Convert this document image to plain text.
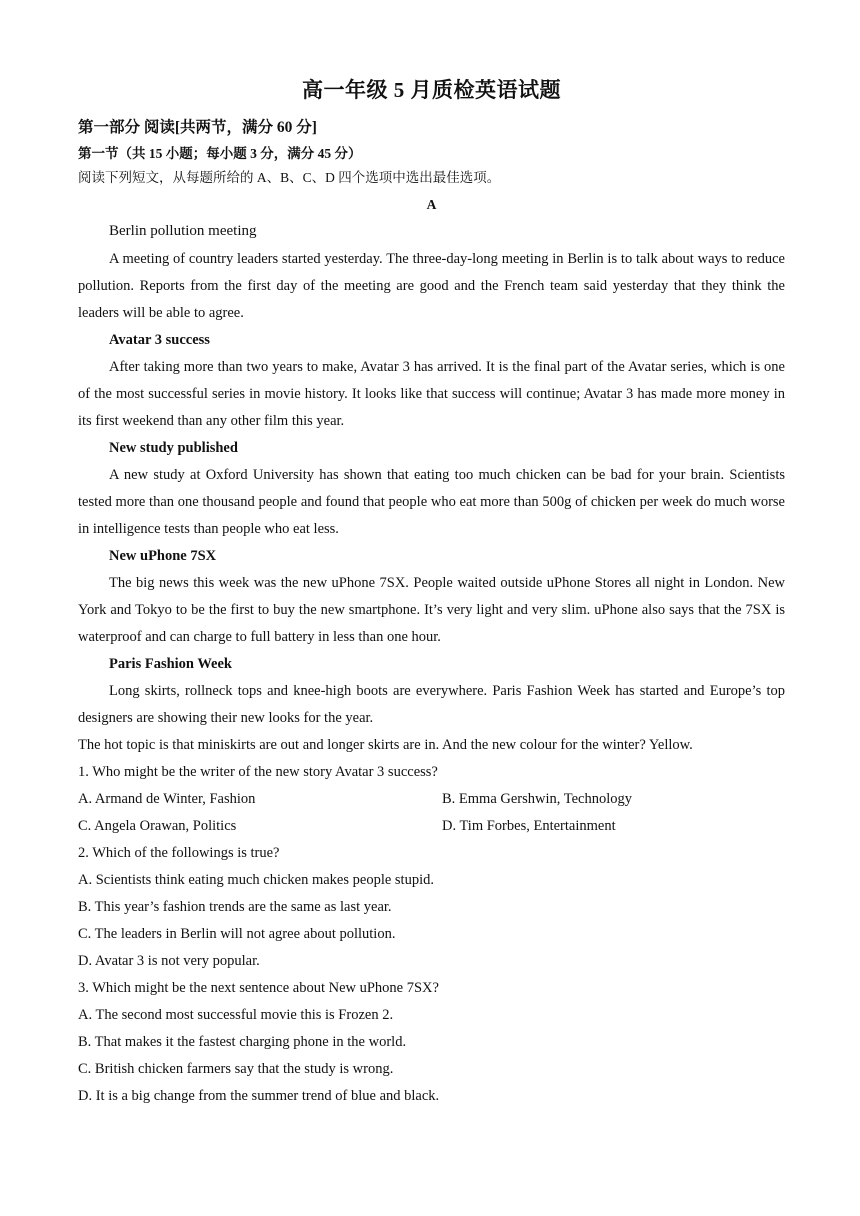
高一年级 5 月质检英语试题
第一部分 阅读[共两节，满分 60 分]
第一节（共 15 小题；每小题 3 分，满分 45 分）
阅读下列短文，从每题所给的 A、B、C、D 四个选项中选出最佳选项。
A
Berlin pollution meeting

A meeting of country leaders started yesterday. The three-day-long meeting in Berlin is to talk about ways to reduce pollution. Reports from the first day of the meeting are good and the French team said yesterday that they think the leaders will be able to agree.

Avatar 3 success

After taking more than two years to make, Avatar 3 has arrived. It is the final part of the Avatar series, which is one of the most successful series in movie history. It looks like that success will continue; Avatar 3 has made more money in its first weekend than any other film this year.

New study published

A new study at Oxford University has shown that eating too much chicken can be bad for your brain. Scientists tested more than one thousand people and found that people who eat more than 500g of chicken per week do much worse in intelligence tests than people who eat less.

New uPhone 7SX

The big news this week was the new uPhone 7SX. People waited outside uPhone Stores all night in London. New York and Tokyo to be the first to buy the new smartphone. It’s very light and very slim. uPhone also says that the 7SX is waterproof and can charge to full battery in less than one hour.

Paris Fashion Week

Long skirts, rollneck tops and knee-high boots are everywhere. Paris Fashion Week has started and Europe’s top designers are showing their new looks for the year.

The hot topic is that miniskirts are out and longer skirts are in. And the new colour for the winter? Yellow.

1. Who might be the writer of the new story Avatar 3 success?
A. Armand de Winter, Fashion	B. Emma Gershwin, Technology
C. Angela Orawan, Politics	D. Tim Forbes, Entertainment
2. Which of the followings is true?
A. Scientists think eating much chicken makes people stupid.
B. This year’s fashion trends are the same as last year.
C. The leaders in Berlin will not agree about pollution.
D. Avatar 3 is not very popular.
3. Which might be the next sentence about New uPhone 7SX?
A. The second most successful movie this is Frozen 2.
B. That makes it the fastest charging phone in the world.
C. British chicken farmers say that the study is wrong.
D. It is a big change from the summer trend of blue and black.
